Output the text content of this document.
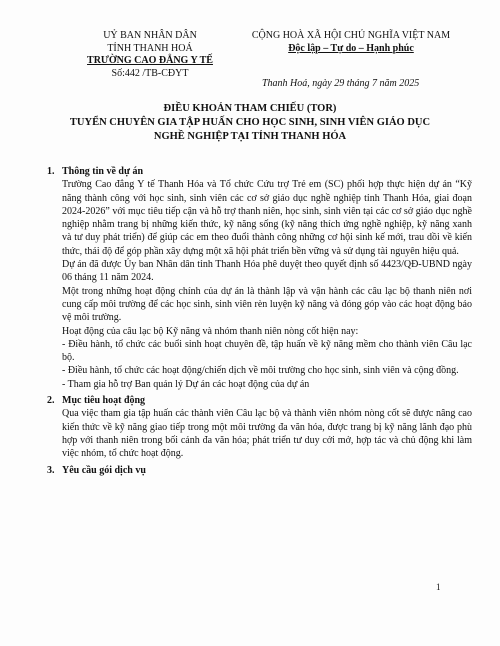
UỶ BAN NHÂN DÂN
TỈNH THANH HOÁ
TRƯỜNG CAO ĐẲNG Y TẾ
Số:442 /TB-CĐYT
CỘNG HOÀ XÃ HỘI CHỦ NGHĨA VIỆT NAM
Độc lập – Tự do – Hạnh phúc
Thanh Hoá, ngày 29 tháng 7 năm 2025
ĐIỀU KHOẢN THAM CHIẾU (TOR)
TUYỂN CHUYÊN GIA TẬP HUẤN CHO HỌC SINH, SINH VIÊN GIÁO DỤC
NGHỀ NGHIỆP TẠI TỈNH THANH HÓA
1. Thông tin về dự án

Trường Cao đẳng Y tế Thanh Hóa và Tổ chức Cứu trợ Trẻ em (SC) phối hợp thực hiện dự án “Kỹ năng thành công với học sinh, sinh viên các cơ sở giáo dục nghề nghiệp tỉnh Thanh Hóa, giai đoạn 2024-2026” với mục tiêu tiếp cận và hỗ trợ thanh niên, học sinh, sinh viên tại các cơ sở giáo dục nghề nghiệp nhằm trang bị những kiến thức, kỹ năng sống (kỹ năng thích ứng nghề nghiệp, kỹ năng xanh và tư duy phát triển) để giúp các em theo đuổi thành công những cơ hội sinh kế mới, trau dồi về kiến thức, thái độ để góp phần xây dựng một xã hội phát triển bền vững và sử dụng tài nguyên hiệu quả.

Dự án đã được Ủy ban Nhân dân tỉnh Thanh Hóa phê duyệt theo quyết định số 4423/QĐ-UBND ngày 06 tháng 11 năm 2024.

Một trong những hoạt động chính của dự án là thành lập và vận hành các câu lạc bộ thanh niên nơi cung cấp môi trường để các học sinh, sinh viên rèn luyện kỹ năng và đóng góp vào các hoạt động bảo vệ môi trường.

Hoạt động của câu lạc bộ Kỹ năng và nhóm thanh niên nòng cốt hiện nay:

- Điều hành, tổ chức các buổi sinh hoạt chuyên đề, tập huấn về kỹ năng mềm cho thành viên Câu lạc bộ.

- Điều hành, tổ chức các hoạt động/chiến dịch về môi trường cho học sinh, sinh viên và cộng đồng.

- Tham gia hỗ trợ Ban quản lý Dự án các hoạt động của dự án

2. Mục tiêu hoạt động

Qua việc tham gia tập huấn các thành viên Câu lạc bộ và thành viên nhóm nòng cốt sẽ được nâng cao kiến thức về kỹ năng giao tiếp trong một môi trường đa văn hóa, được trang bị kỹ năng lãnh đạo phù hợp với thanh niên trong bối cảnh đa văn hóa; phát triển tư duy cởi mở, hợp tác và chủ động khi làm việc nhóm, tổ chức hoạt động.

3. Yêu cầu gói dịch vụ
1
